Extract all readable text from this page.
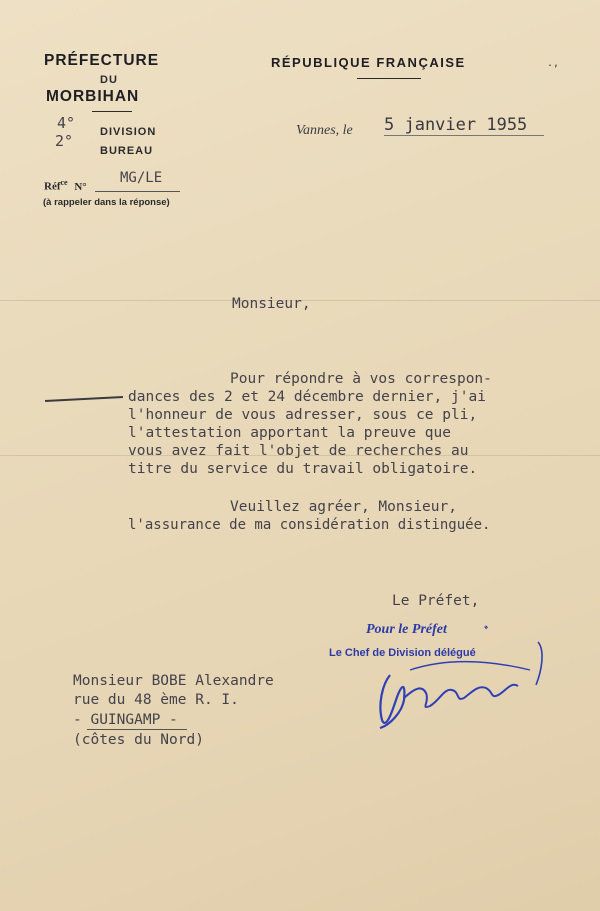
PRÉFECTURE
DU
MORBIHAN
4° DIVISION
2°
BUREAU
Réf$^{ce}$ N°
MG/LE
(à rappeler dans la réponse)
RÉPUBLIQUE FRANÇAISE	.,
Vannes, le 5 janvier 1955
Monsieur,
Pour répondre à vos correspon-
dances des 2 et 24 décembre dernier, j'ai
l'honneur de vous adresser, sous ce pli,
l'attestation apportant la preuve que
vous avez fait l'objet de recherches au
titre du service du travail obligatoire.
Veuillez agréer, Monsieur,
l'assurance de ma considération distinguée.
Le Préfet,
Pour le Préfet	ﾞ
Le Chef de Division délégué
Monsieur BOBE Alexandre
rue du 48 ème R. I.
- GUINGAMP -
(côtes du Nord)
